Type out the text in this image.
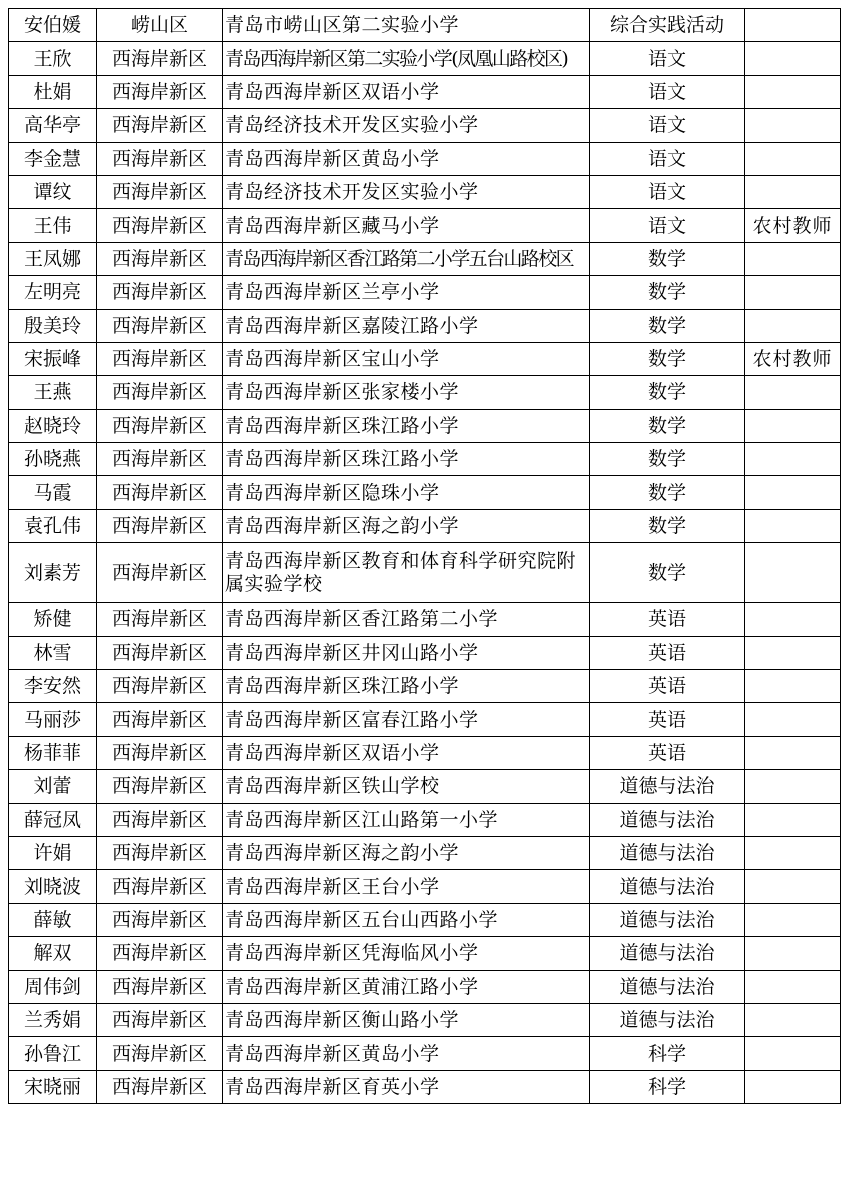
安伯媛	崂山区	青岛市崂山区第二实验小学	综合实践活动	
王欣	西海岸新区	青岛西海岸新区第二实验小学(凤凰山路校区)	语文	
杜娟	西海岸新区	青岛西海岸新区双语小学	语文	
高华亭	西海岸新区	青岛经济技术开发区实验小学	语文	
李金慧	西海岸新区	青岛西海岸新区黄岛小学	语文	
谭纹	西海岸新区	青岛经济技术开发区实验小学	语文	
王伟	西海岸新区	青岛西海岸新区藏马小学	语文	农村教师
王凤娜	西海岸新区	青岛西海岸新区香江路第二小学五台山路校区	数学	
左明亮	西海岸新区	青岛西海岸新区兰亭小学	数学	
殷美玲	西海岸新区	青岛西海岸新区嘉陵江路小学	数学	
宋振峰	西海岸新区	青岛西海岸新区宝山小学	数学	农村教师
王燕	西海岸新区	青岛西海岸新区张家楼小学	数学	
赵晓玲	西海岸新区	青岛西海岸新区珠江路小学	数学	
孙晓燕	西海岸新区	青岛西海岸新区珠江路小学	数学	
马霞	西海岸新区	青岛西海岸新区隐珠小学	数学	
袁孔伟	西海岸新区	青岛西海岸新区海之韵小学	数学	
刘素芳	西海岸新区	青岛西海岸新区教育和体育科学研究院附属实验学校	数学	
矫健	西海岸新区	青岛西海岸新区香江路第二小学	英语	
林雪	西海岸新区	青岛西海岸新区井冈山路小学	英语	
李安然	西海岸新区	青岛西海岸新区珠江路小学	英语	
马丽莎	西海岸新区	青岛西海岸新区富春江路小学	英语	
杨菲菲	西海岸新区	青岛西海岸新区双语小学	英语	
刘蕾	西海岸新区	青岛西海岸新区铁山学校	道德与法治	
薛冠凤	西海岸新区	青岛西海岸新区江山路第一小学	道德与法治	
许娟	西海岸新区	青岛西海岸新区海之韵小学	道德与法治	
刘晓波	西海岸新区	青岛西海岸新区王台小学	道德与法治	
薛敏	西海岸新区	青岛西海岸新区五台山西路小学	道德与法治	
解双	西海岸新区	青岛西海岸新区凭海临风小学	道德与法治	
周伟剑	西海岸新区	青岛西海岸新区黄浦江路小学	道德与法治	
兰秀娟	西海岸新区	青岛西海岸新区衡山路小学	道德与法治	
孙鲁江	西海岸新区	青岛西海岸新区黄岛小学	科学	
宋晓丽	西海岸新区	青岛西海岸新区育英小学	科学	
